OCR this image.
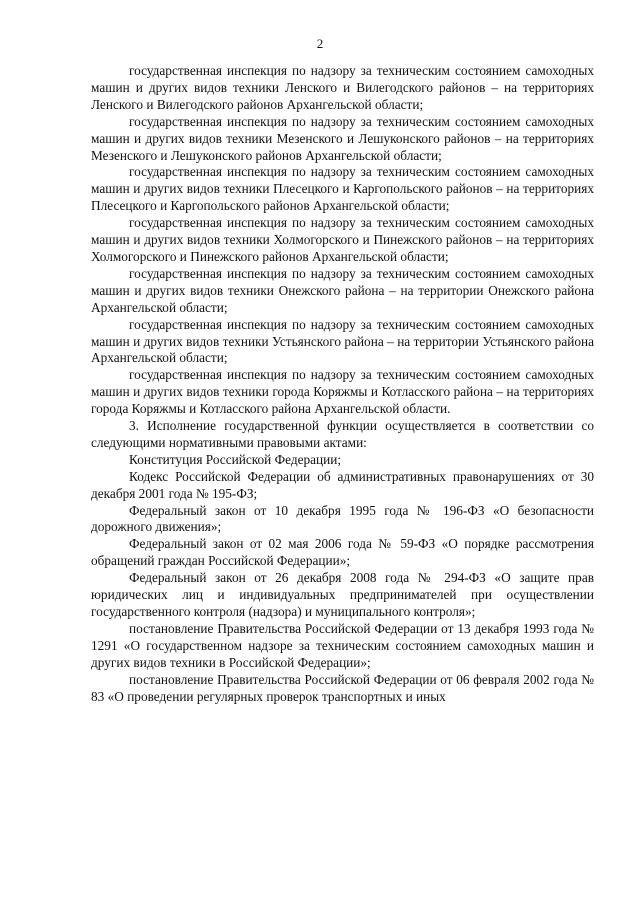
2

государственная инспекция по надзору за техническим состоянием самоходных машин и других видов техники Ленского и Вилегодского районов – на территориях Ленского и Вилегодского районов Архангельской области;

государственная инспекция по надзору за техническим состоянием самоходных машин и других видов техники Мезенского и Лешуконского районов – на территориях Мезенского и Лешуконского районов Архангельской области;

государственная инспекция по надзору за техническим состоянием самоходных машин и других видов техники Плесецкого и Каргопольского районов – на территориях Плесецкого и Каргопольского районов Архангельской области;

государственная инспекция по надзору за техническим состоянием самоходных машин и других видов техники Холмогорского и Пинежского районов – на территориях Холмогорского и Пинежского районов Архангельской области;

государственная инспекция по надзору за техническим состоянием самоходных машин и других видов техники Онежского района – на территории Онежского района Архангельской области;

государственная инспекция по надзору за техническим состоянием самоходных машин и других видов техники Устьянского района – на территории Устьянского района Архангельской области;

государственная инспекция по надзору за техническим состоянием самоходных машин и других видов техники города Коряжмы и Котласского района – на территориях города Коряжмы и Котласского района Архангельской области.

3. Исполнение государственной функции осуществляется в соответствии со следующими нормативными правовыми актами:

Конституция Российской Федерации;

Кодекс Российской Федерации об административных правонарушениях от 30 декабря 2001 года № 195-ФЗ;

Федеральный закон от 10 декабря 1995 года № 196-ФЗ «О безопасности дорожного движения»;

Федеральный закон от 02 мая 2006 года № 59-ФЗ «О порядке рассмотрения обращений граждан Российской Федерации»;

Федеральный закон от 26 декабря 2008 года № 294-ФЗ «О защите прав юридических лиц и индивидуальных предпринимателей при осуществлении государственного контроля (надзора) и муниципального контроля»;

постановление Правительства Российской Федерации от 13 декабря 1993 года № 1291 «О государственном надзоре за техническим состоянием самоходных машин и других видов техники в Российской Федерации»;

постановление Правительства Российской Федерации от 06 февраля 2002 года № 83 «О проведении регулярных проверок транспортных и иных
